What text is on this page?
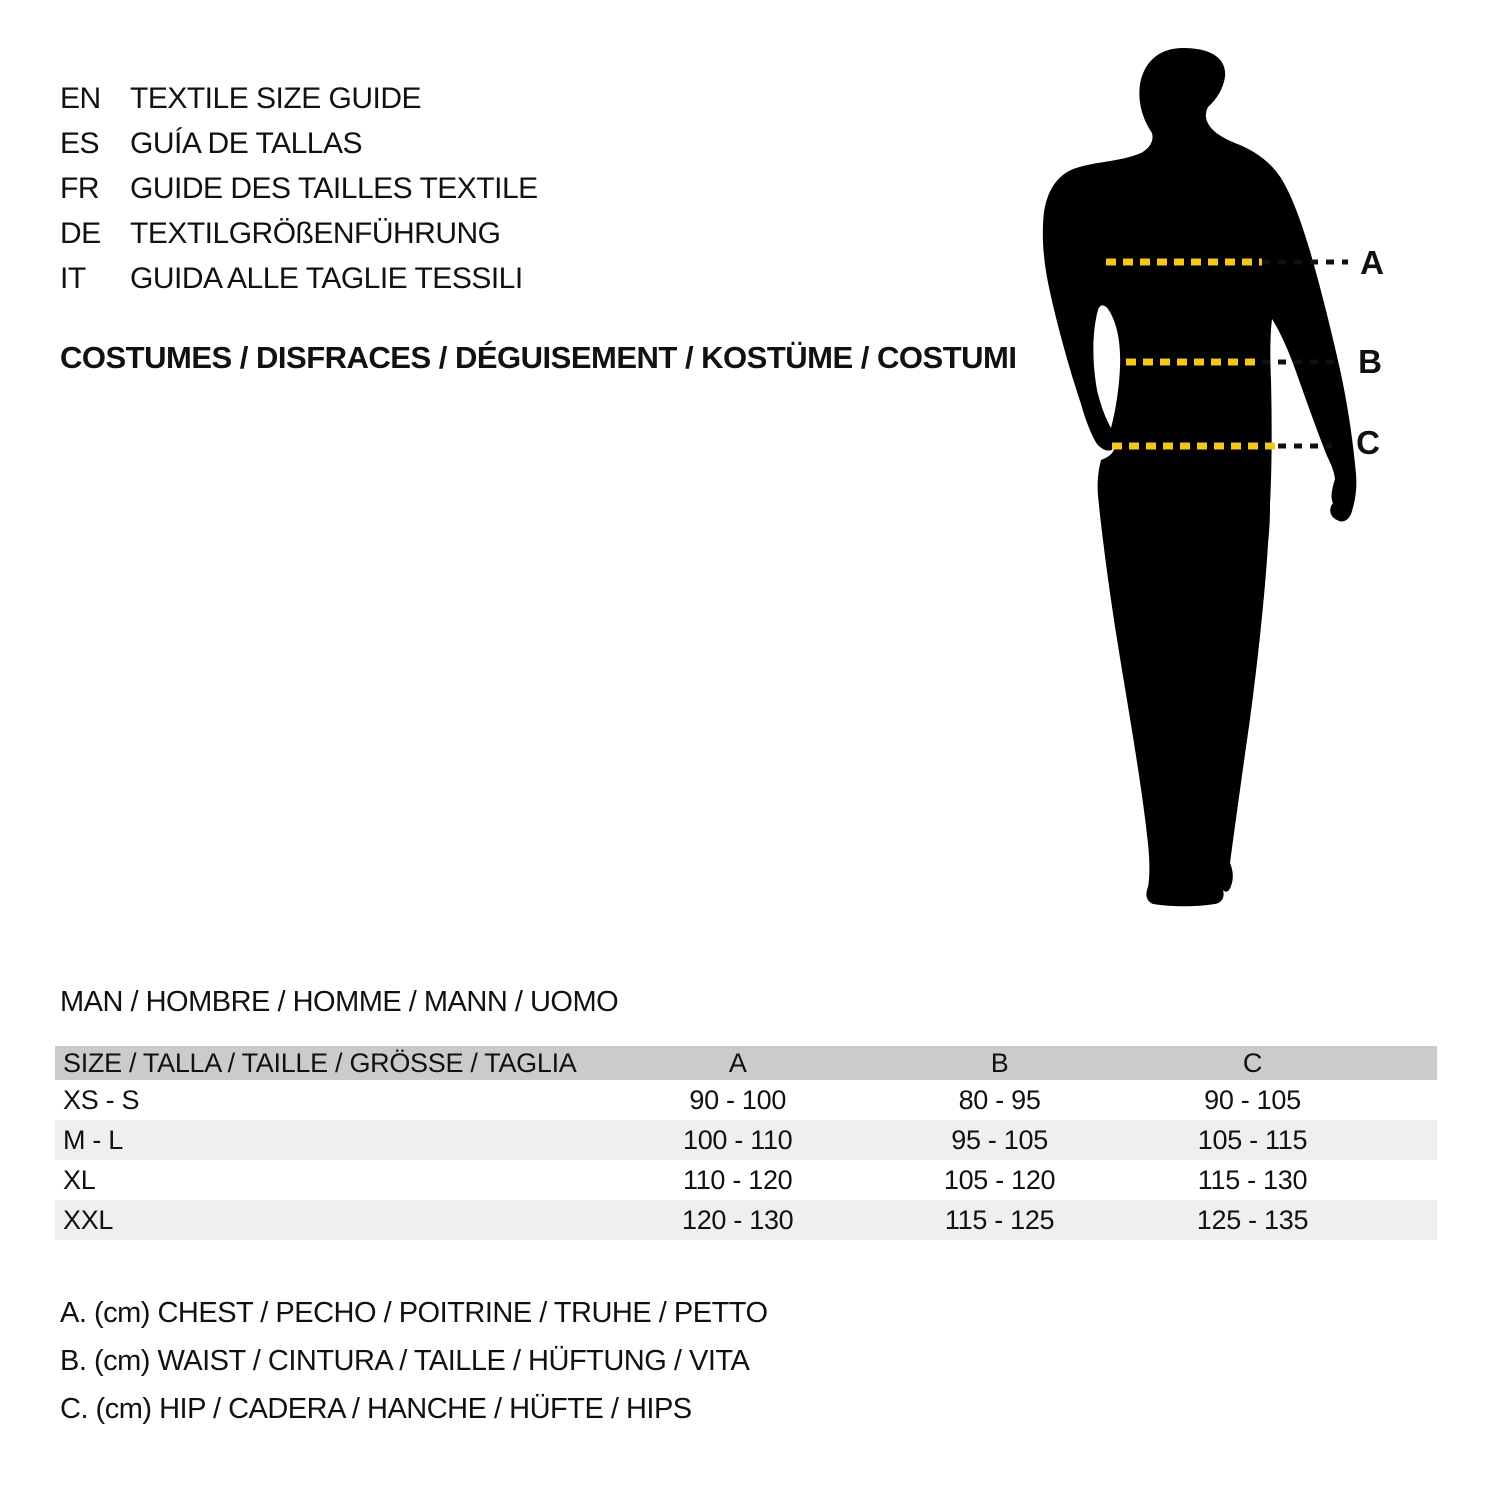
EN TEXTILE SIZE GUIDE
ES	GUÍA DE TALLAS
FR	GUIDE DES TAILLES TEXTILE
DE TEXTILGRÖßENFÜHRUNG
IT	GUIDA ALLE TAGLIE TESSILI
COSTUMES / DISFRACES / DÉGUISEMENT / KOSTÜME / COSTUMI
A
B
C
MAN / HOMBRE / HOMME / MANN / UOMO
SIZE / TALLA / TAILLE / GRÖSSE / TAGLIA	A	B	C	
XS - S	90 - 100	80 - 95	90 - 105	
M - L	100 - 110	95 - 105	105 - 115	
XL	110 - 120	105 - 120	115 - 130	
XXL	120 - 130	115 - 125	125 - 135	
A. (cm) CHEST / PECHO / POITRINE / TRUHE / PETTO
B. (cm) WAIST / CINTURA / TAILLE / HÜFTUNG / VITA
C. (cm) HIP / CADERA / HANCHE / HÜFTE / HIPS
